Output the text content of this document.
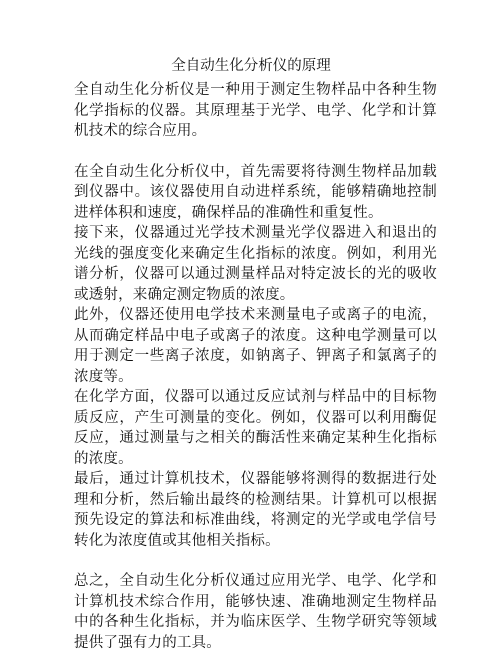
全自动生化分析仪的原理

全自动生化分析仪是一种用于测定生物样品中各种生物化学指标的仪器。其原理基于光学、电学、化学和计算机技术的综合应用。

在全自动生化分析仪中，首先需要将待测生物样品加载到仪器中。该仪器使用自动进样系统，能够精确地控制进样体积和速度，确保样品的准确性和重复性。

接下来，仪器通过光学技术测量光学仪器进入和退出的光线的强度变化来确定生化指标的浓度。例如，利用光谱分析，仪器可以通过测量样品对特定波长的光的吸收或透射，来确定测定物质的浓度。

此外，仪器还使用电学技术来测量电子或离子的电流，从而确定样品中电子或离子的浓度。这种电学测量可以用于测定一些离子浓度，如钠离子、钾离子和氯离子的浓度等。

在化学方面，仪器可以通过反应试剂与样品中的目标物质反应，产生可测量的变化。例如，仪器可以利用酶促反应，通过测量与之相关的酶活性来确定某种生化指标的浓度。

最后，通过计算机技术，仪器能够将测得的数据进行处理和分析，然后输出最终的检测结果。计算机可以根据预先设定的算法和标准曲线，将测定的光学或电学信号转化为浓度值或其他相关指标。

总之，全自动生化分析仪通过应用光学、电学、化学和计算机技术综合作用，能够快速、准确地测定生物样品中的各种生化指标，并为临床医学、生物学研究等领域提供了强有力的工具。
